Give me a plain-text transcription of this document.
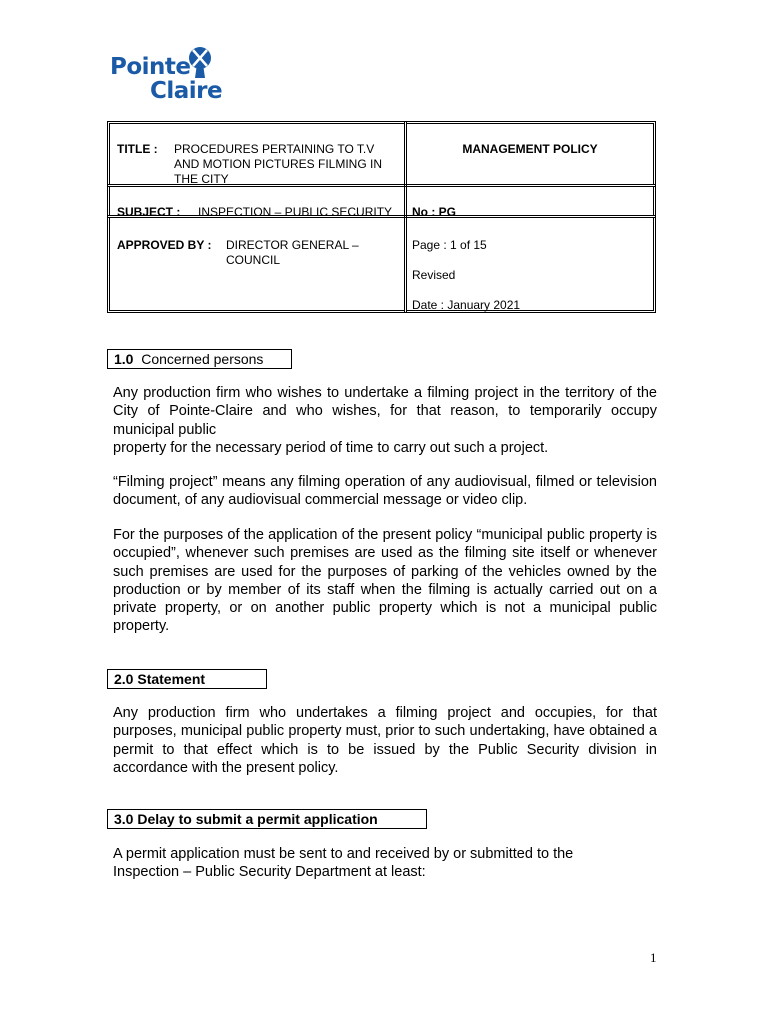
Pointe
Claire
TITLE : PROCEDURES PERTAINING TO T.V AND MOTION PICTURES FILMING IN THE CITY
MANAGEMENT POLICY
SUBJECT : INSPECTION – PUBLIC SECURITY No : PG
APPROVED BY : DIRECTOR GENERAL – COUNCIL
Page : 1 of 15
Revised
Date : January 2021
1.0 Concerned persons

Any production firm who wishes to undertake a filming project in the territory of the City of Pointe-Claire and who wishes, for that reason, to temporarily occupy municipal public
property for the necessary period of time to carry out such a project.

“Filming project” means any filming operation of any audiovisual, filmed or television document, of any audiovisual commercial message or video clip.

For the purposes of the application of the present policy “municipal public property is occupied”, whenever such premises are used as the filming site itself or whenever such premises are used for the purposes of parking of the vehicles owned by the production or by member of its staff when the filming is actually carried out on a private property, or on another public property which is not a municipal public property.

2.0 Statement

Any production firm who undertakes a filming project and occupies, for that purposes, municipal public property must, prior to such undertaking, have obtained a permit to that effect which is to be issued by the Public Security division in accordance with the present policy.

3.0 Delay to submit a permit application

A permit application must be sent to and received by or submitted to the Inspection – Public Security Department at least:

1
